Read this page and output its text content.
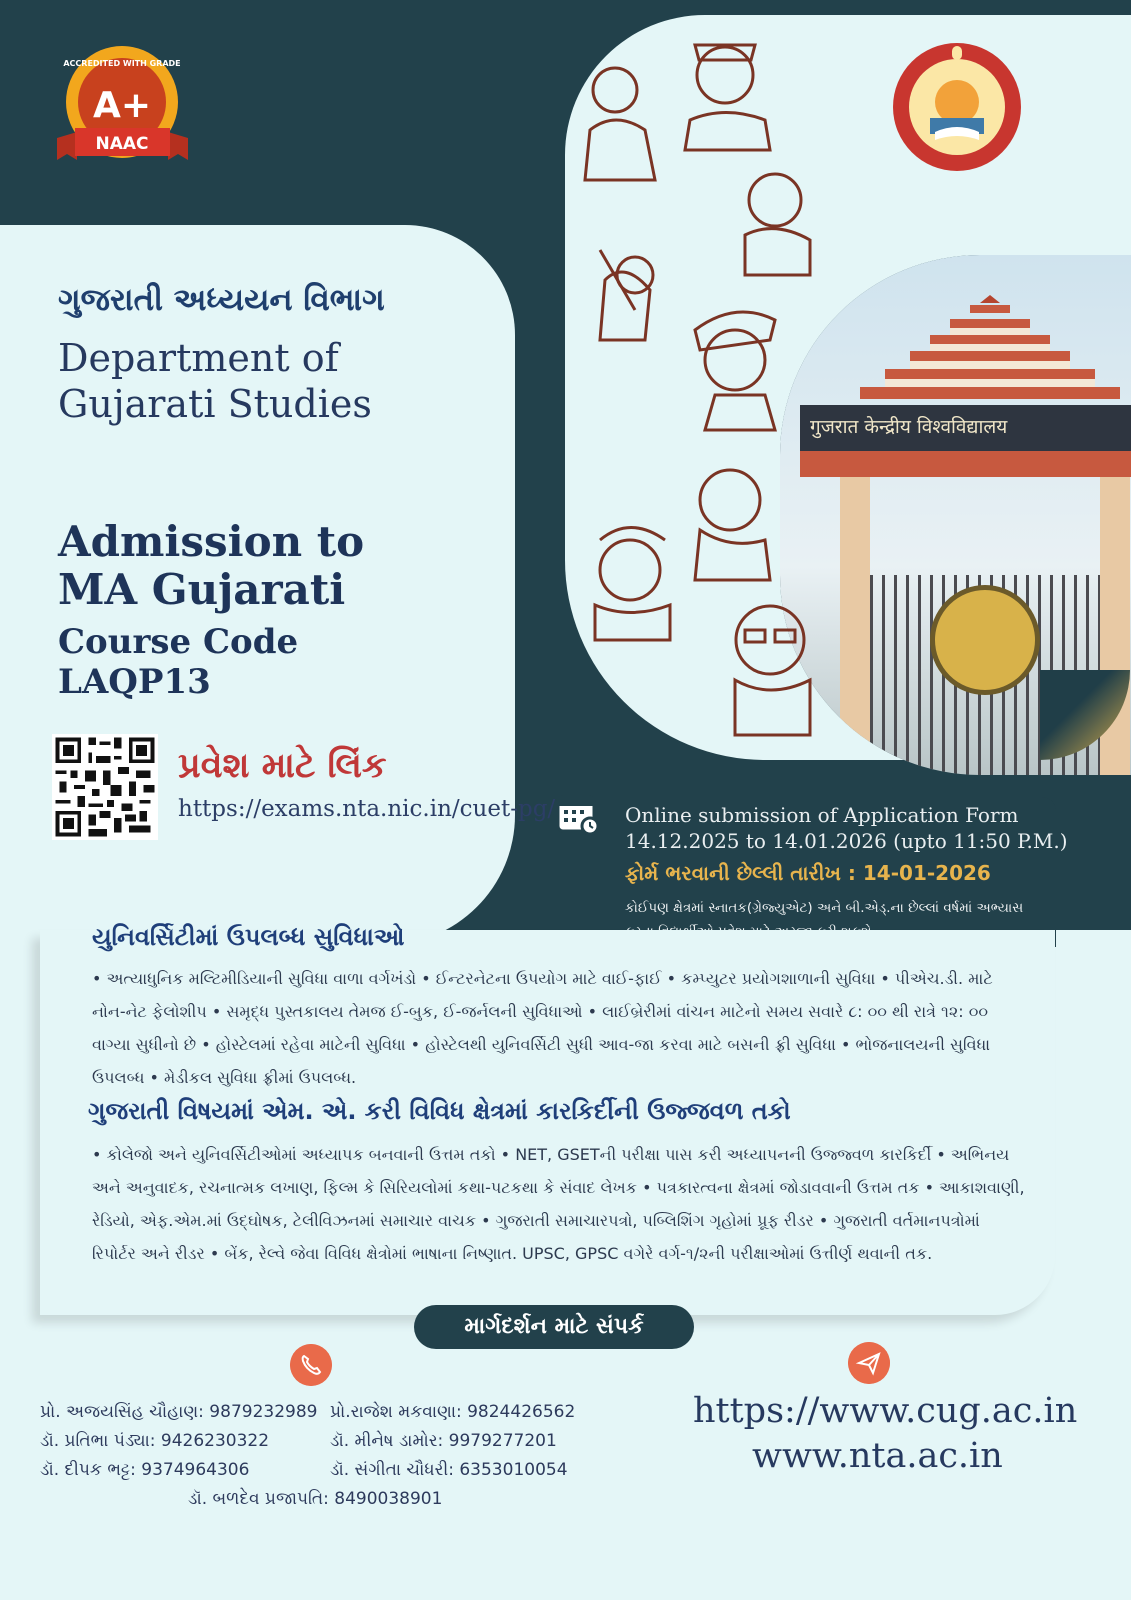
गुजरात केन्द्रीय विश्वविद्यालय
A+
ACCREDITED WITH GRADE
NAAC
ગુજરાતી અધ્યયન વિભાગ
Department of Gujarati Studies
Admission to MA Gujarati
Course Code LAQP13
પ્રવેશ માટે લિંક
https://exams.nta.nic.in/cuet-pg/	Online submission of Application Form
14.12.2025 to 14.01.2026 (upto 11:50 P.M.)
ફોર્મ ભરવાની છેલ્લી તારીખ : 14-01-2026
કોઈપણ ક્ષેત્રમાં સ્નાતક(ગ્રેજ્યુએટ) અને બી.એડ્.ના છેલ્લાં વર્ષમાં અભ્યાસ
યુનિવર્સિટીમાં ઉપલબ્ધ સુવિધાઓ
• અત્યાધુનિક મલ્ટિમીડિયાની સુવિધા વાળા વર્ગખંડો • ઈન્ટરનેટના ઉપયોગ માટે વાઈ-ફાઈ • કમ્પ્યુટર પ્રયોગશાળાની સુવિધા • પીએચ.ડી. માટે નોન-નેટ ફેલોશીપ • સમૃદ્ધ પુસ્તકાલય તેમજ ઈ-બુક, ઈ-જર્નલની સુવિધાઓ • લાઈબ્રેરીમાં વાંચન માટેનો સમય સવારે ૮: ૦૦ થી રાત્રે ૧૨: ૦૦ વાગ્યા સુધીનો છે • હોસ્ટેલમાં રહેવા માટેની સુવિધા • હોસ્ટેલથી યુનિવર્સિટી સુધી આવ-જા કરવા માટે બસની ફ્રી સુવિધા • ભોજનાલયની સુવિધા ઉપલબ્ધ • મેડીકલ સુવિધા ફ્રીમાં ઉપલબ્ધ.
ગુજરાતી વિષયમાં એમ. એ. કરી વિવિધ ક્ષેત્રમાં કારકિર્દીની ઉજ્જવળ તકો
• કોલેજો અને યુનિવર્સિટીઓમાં અધ્યાપક બનવાની ઉત્તમ તકો • NET, GSETની પરીક્ષા પાસ કરી અધ્યાપનની ઉજ્જ્વળ કારકિર્દી • અભિનય અને અનુવાદક, રચનાત્મક લખાણ, ફિલ્મ કે સિરિયલોમાં કથા-પટકથા કે સંવાદ લેખક • પત્રકારત્વના ક્ષેત્રમાં જોડાવવાની ઉત્તમ તક • આકાશવાણી, રેડિયો, એફ.એમ.માં ઉદ્ઘોષક, ટેલીવિઝનમાં સમાચાર વાચક • ગુજરાતી સમાચારપત્રો, પબ્લિશિંગ ગૃહોમાં પ્રૂફ રીડર • ગુજરાતી વર્તમાનપત્રોમાં રિપોર્ટર અને રીડર • બેંક, રેલ્વે જેવા વિવિધ ક્ષેત્રોમાં ભાષાના નિષ્ણાત. UPSC, GPSC વગેરે વર્ગ-૧/૨ની પરીક્ષાઓમાં ઉત્તીર્ણ થવાની તક.
માર્ગદર્શન માટે સંપર્ક
પ્રો. અજયસિંહ ચૌહાણ: 9879232989 પ્રો.રાજેશ મકવાણા: 9824426562
ડૉ. પ્રતિભા પંડ્યા: 9426230322	ડૉ. મીનેષ ડામોર: 9979277201
ડૉ. દીપક ભટ્ટ: 9374964306	ડૉ. સંગીતા ચૌધરી: 6353010054
ડૉ. બળદેવ પ્રજાપતિ: 8490038901
https://www.cug.ac.in
www.nta.ac.in
